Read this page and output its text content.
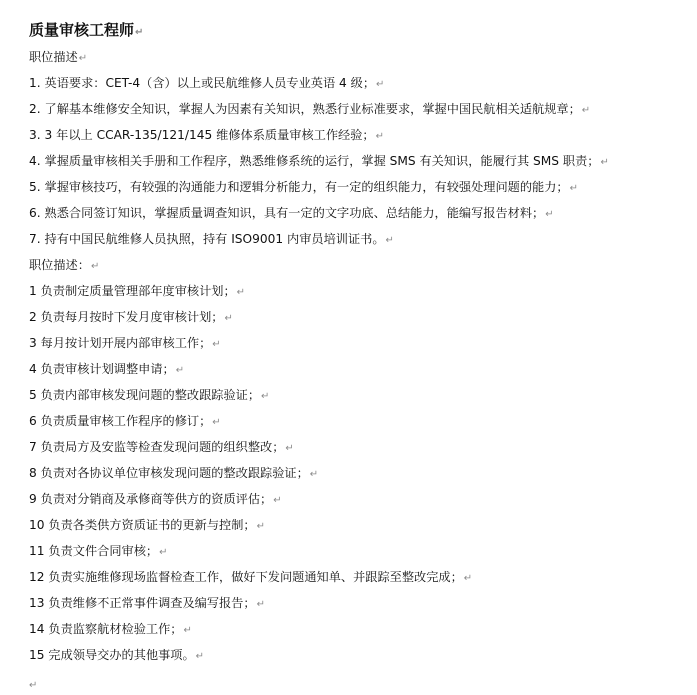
质量审核工程师↵
职位描述↵
1. 英语要求：CET-4（含）以上或民航维修人员专业英语 4 级；↵
2. 了解基本维修安全知识，掌握人为因素有关知识，熟悉行业标准要求，掌握中国民航相关适航规章；↵
3. 3 年以上 CCAR-135/121/145 维修体系质量审核工作经验；↵
4. 掌握质量审核相关手册和工作程序，熟悉维修系统的运行，掌握 SMS 有关知识，能履行其 SMS 职责；↵
5. 掌握审核技巧，有较强的沟通能力和逻辑分析能力，有一定的组织能力，有较强处理问题的能力；↵
6. 熟悉合同签订知识，掌握质量调查知识，具有一定的文字功底、总结能力，能编写报告材料；↵
7. 持有中国民航维修人员执照，持有 ISO9001 内审员培训证书。↵
职位描述：↵
1 负责制定质量管理部年度审核计划；↵
2 负责每月按时下发月度审核计划；↵
3 每月按计划开展内部审核工作；↵
4 负责审核计划调整申请；↵
5 负责内部审核发现问题的整改跟踪验证；↵
6 负责质量审核工作程序的修订；↵
7 负责局方及安监等检查发现问题的组织整改；↵
8 负责对各协议单位审核发现问题的整改跟踪验证；↵
9 负责对分销商及承修商等供方的资质评估；↵
10 负责各类供方资质证书的更新与控制；↵
11 负责文件合同审核；↵
12 负责实施维修现场监督检查工作，做好下发问题通知单、并跟踪至整改完成；↵
13 负责维修不正常事件调查及编写报告；↵
14 负责监察航材检验工作；↵
15 完成领导交办的其他事项。↵
↵
